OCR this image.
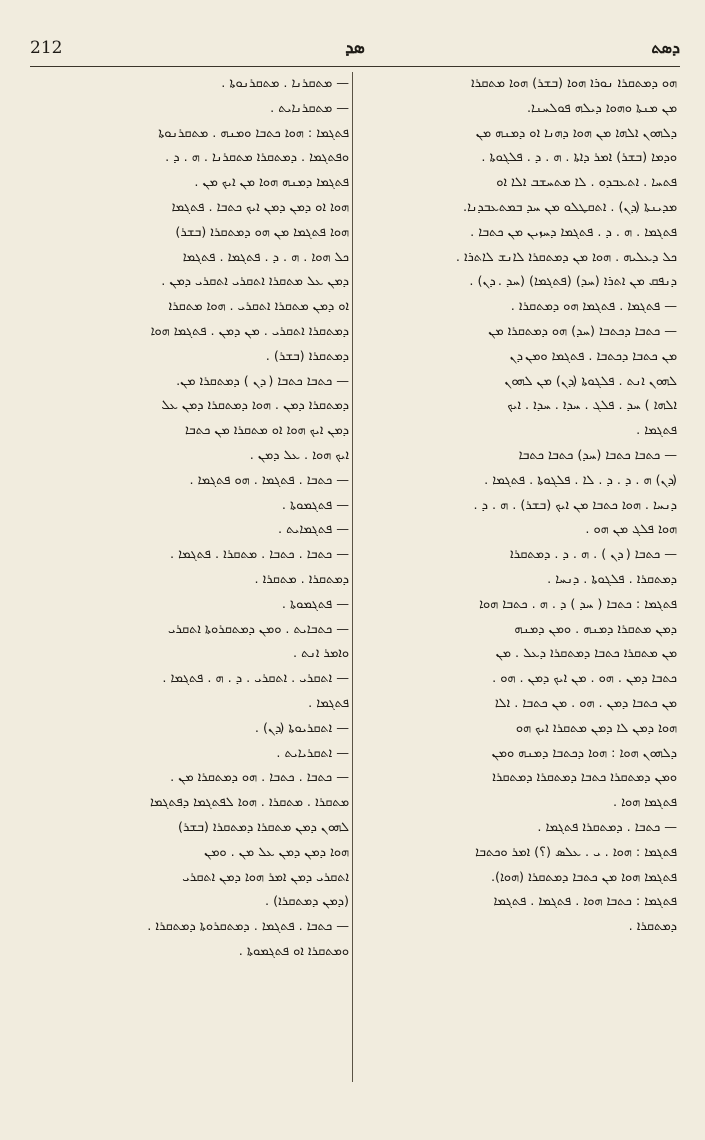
212	ܣܕ	ܕܣܬ
ܗܘ ܕܡܬܩܪܐ ܢܘܪܐ ܗܘܐ (ܒܫܪ) ܗܘܐ ܡܬܩܪܐ
ܡܢ ܡܢܬܐ ܘܗܘܐ ܕܝܠܗ ܦܘܠܚܢܐ.
ܕܠܗܘܢ ܐܠܗܐ ܡܢ ܗܘܐ ܕܗܢܐ ܐܘ ܕܡܢܗ ܡܢ
ܘܕܡܐ (ܒܫܪ) ܐܡܪ ܕܐܬܐ . ܗ . ܕ . ܦܠܓܘܬܐ .
ܦܬܚܐ . ܐܬܥܒܕܘ . ܠܐ ܡܬܚܫܒ ܐܠܐ ܐܘ
ܡܕܝܢܬܐ (ܕܢ) . ܐܬܩܛܠܘ ܡܢ ܚܕ ܒܡܬܥܒܕܢܐ.
ܦܬܓܡܐ . ܗ . ܕ . ܦܬܓܡܐ ܕܚܙܝܢ ܡܢ ܟܬܒܐ .
ܟܠ ܕܥܠܝܗ . ܗܘܐ ܡܢ ܕܡܬܩܪܐ ܠܐܢܫ ܠܐܬܪܐ .
ܕܢܦܩ ܡܢ ܐܬܪܐ (ܚܕ) (ܦܬܓܡܐ) (ܚܕ . ܕܢ) .
— ܦܬܓܡܐ . ܦܬܓܡܐ ܗܘ ܕܡܬܩܪܐ .
— ܟܬܒܐ ܕܟܬܒܐ (ܚܕ) ܗܘ ܕܡܬܩܪܐ ܡܢ
ܡܢ ܟܬܒܐ ܕܟܬܒܐ . ܦܬܓܡܐ ܘܡܢ ܕܢ
ܠܗܘܢ ܐܢܬ . ܦܠܓܘܬܐ (ܕܢ) ܡܢ ܠܗܘܢ
ܐܠܗܐ ) ܚܕ . ܦܠܓ . ܚܕܐ . ܚܕܐ . ܐܝܟ
ܦܬܓܡܐ .
— ܟܬܒܐ ܟܬܒܐ (ܚܕ) ܟܬܒܐ ܟܬܒܐ
(ܕܢ) ܗ . ܕ . ܕ . ܠܐ . ܦܠܓܘܬܐ . ܦܬܓܡܐ .
ܕܢܚܐ . ܗܘܐ ܟܬܒܐ ܡܢ ܐܝܟ (ܒܫܪ) . ܗ . ܕ .
ܗܘܐ ܦܠܓ ܡܢ ܗܘ .
— ܟܬܒܐ ( ܕܢ ) . ܗ . ܕ . ܕܡܬܩܪܐ
ܕܡܬܩܪܐ . ܦܠܓܘܬܐ . ܕܢܚܐ .
ܦܬܓܡܐ : ܟܬܒܐ ( ܚܕ ) ܕ . ܗ . ܟܬܒܐ ܗܘܐ
ܕܡܢ ܡܬܩܪܐ ܕܡܢܗ . ܘܡܢ ܕܡܢܗ
ܡܢ ܡܬܩܪܐ ܟܬܒܐ ܕܡܬܩܪܐ ܕܥܠ . ܡܢ
ܟܬܒܐ ܕܡܢ . ܗܘ . ܡܢ ܐܝܟ ܕܡܢ . ܗܘ .
ܡܢ ܟܬܒܐ ܕܡܢ . ܗܘ . ܡܢ ܟܬܒܐ . ܐܠܐ
ܗܘܐ ܕܡܢ ܠܐ ܕܡܢ ܡܬܩܪܐ ܐܝܟ ܗܘ
ܕܠܗܘܢ ܗܘܐ : ܗܘܐ ܕܟܬܒܐ ܕܡܢܗ ܘܡܢ
ܘܡܢ ܕܡܬܩܪܐ ܟܬܒܐ ܕܡܬܩܪܐ ܕܡܬܩܪܐ
ܦܬܓܡܐ ܗܘܐ .
— ܟܬܒܐ . ܕܡܬܩܪܐ ܦܬܓܡܐ .
ܦܬܓܡܐ : ܗܘܐ . ܝ . ܥܠܣ (؟) ܐܡܪ ܘܟܬܒܐ
ܦܬܓܡܐ ܗܘܐ ܡܢ ܟܬܒܐ ܕܡܬܩܪܐ (ܗܘܐ).
ܦܬܓܡܐ : ܟܬܒܐ ܗܘܐ . ܦܬܓܡܐ . ܦܬܓܡܐ
ܕܡܬܩܪܐ .
— ܡܬܩܪܢܐ . ܡܬܩܪܢܘܬܐ .
— ܡܬܩܪܢܐܝܬ .
ܦܬܓܡܐ : ܗܘܐ ܟܬܒܐ ܘܡܢܗ . ܡܬܩܪܢܘܬܐ
ܘܦܬܓܡܐ . ܕܡܬܩܪܐ ܡܬܩܪܢܐ . ܗ . ܕ .
ܦܬܓܡܐ ܕܡܢܗ ܗܘܐ ܡܢ ܐܝܟ ܡܢ .
ܗܘܐ ܐܘ ܕܡܢ ܕܡܢ ܐܝܟ ܟܬܒܐ . ܦܬܓܡܐ
ܗܘܐ ܦܬܓܡܐ ܡܢ ܗܘ ܕܡܬܩܪܐ (ܒܫܪ)
ܟܠ ܗܘܐ . ܗ . ܕ . ܦܬܓܡܐ . ܦܬܓܡܐ
ܕܡܢ ܥܠ ܡܬܩܪܐ ܐܬܩܪܝ ܐܬܩܪܝ ܕܡܢ .
ܐܘ ܕܡܢ ܡܬܩܪܐ ܐܬܩܪܝ . ܗܘܐ ܡܬܩܪܐ
ܕܡܬܩܪܐ ܐܬܩܪܝ . ܡܢ ܕܡܢ . ܦܬܓܡܐ ܗܘܐ
ܕܡܬܩܪܐ (ܒܫܪ) .
— ܟܬܒܐ ܟܬܒܐ ( ܕܢ ) ܕܡܬܩܪܐ ܡܢ.
ܕܡܬܩܪܐ ܕܡܢ . ܗܘܐ ܕܡܬܩܪܐ ܕܡܢ ܥܠ
ܕܡܢ ܐܝܟ ܗܘܐ ܐܘ ܡܬܩܪܐ ܡܢ ܟܬܒܐ
ܐܝܟ ܗܘܐ . ܥܠ ܕܡܢ .
— ܟܬܒܐ . ܦܬܓܡܐ . ܗܘ ܦܬܓܡܐ .
— ܦܬܓܡܘܬܐ .
— ܦܬܓܡܐܝܬ .
— ܟܬܒܐ . ܟܬܒܐ . ܡܬܩܪܐ . ܦܬܓܡܐ .
ܕܡܬܩܪܐ . ܡܬܩܪܐ .
— ܦܬܓܡܘܬܐ .
— ܟܬܒܐܝܬ . ܘܡܢ ܕܡܬܩܪܘܬܐ ܐܬܩܪܝ
ܘܐܡܪ ܐܢܬ .
— ܐܬܩܪܝ . ܐܬܩܪܝ . ܕ . ܗ . ܦܬܓܡܐ .
ܦܬܓܡܐ .
— ܐܬܩܪܝܘܬܐ (ܕܢ) .
— ܐܬܩܪܝܐܝܬ .
— ܟܬܒܐ . ܟܬܒܐ . ܗܘ ܕܡܬܩܪܐ ܡܢ .
ܡܬܩܪܐ . ܡܬܩܪܐ . ܗܘܐ ܠܦܬܓܡܐ ܕܦܬܓܡܐ
ܠܗܘܢ ܕܡܢ ܡܬܩܪܐ ܕܡܬܩܪܐ (ܒܫܪ)
ܗܘܐ ܕܡܢ ܕܡܢ ܥܠ ܡܢ . ܘܡܢ
ܐܬܩܪܝ ܕܡܢ ܐܡܪ ܗܘܐ ܕܡܢ ܐܬܩܪܝ
(ܕܡܢ ܕܡܬܩܪܐ) .
— ܟܬܒܐ . ܦܬܓܡܐ . ܕܡܬܩܪܘܬܐ ܕܡܬܩܪܐ .
ܘܡܬܩܪܐ ܐܘ ܦܬܓܡܘܬܐ .
